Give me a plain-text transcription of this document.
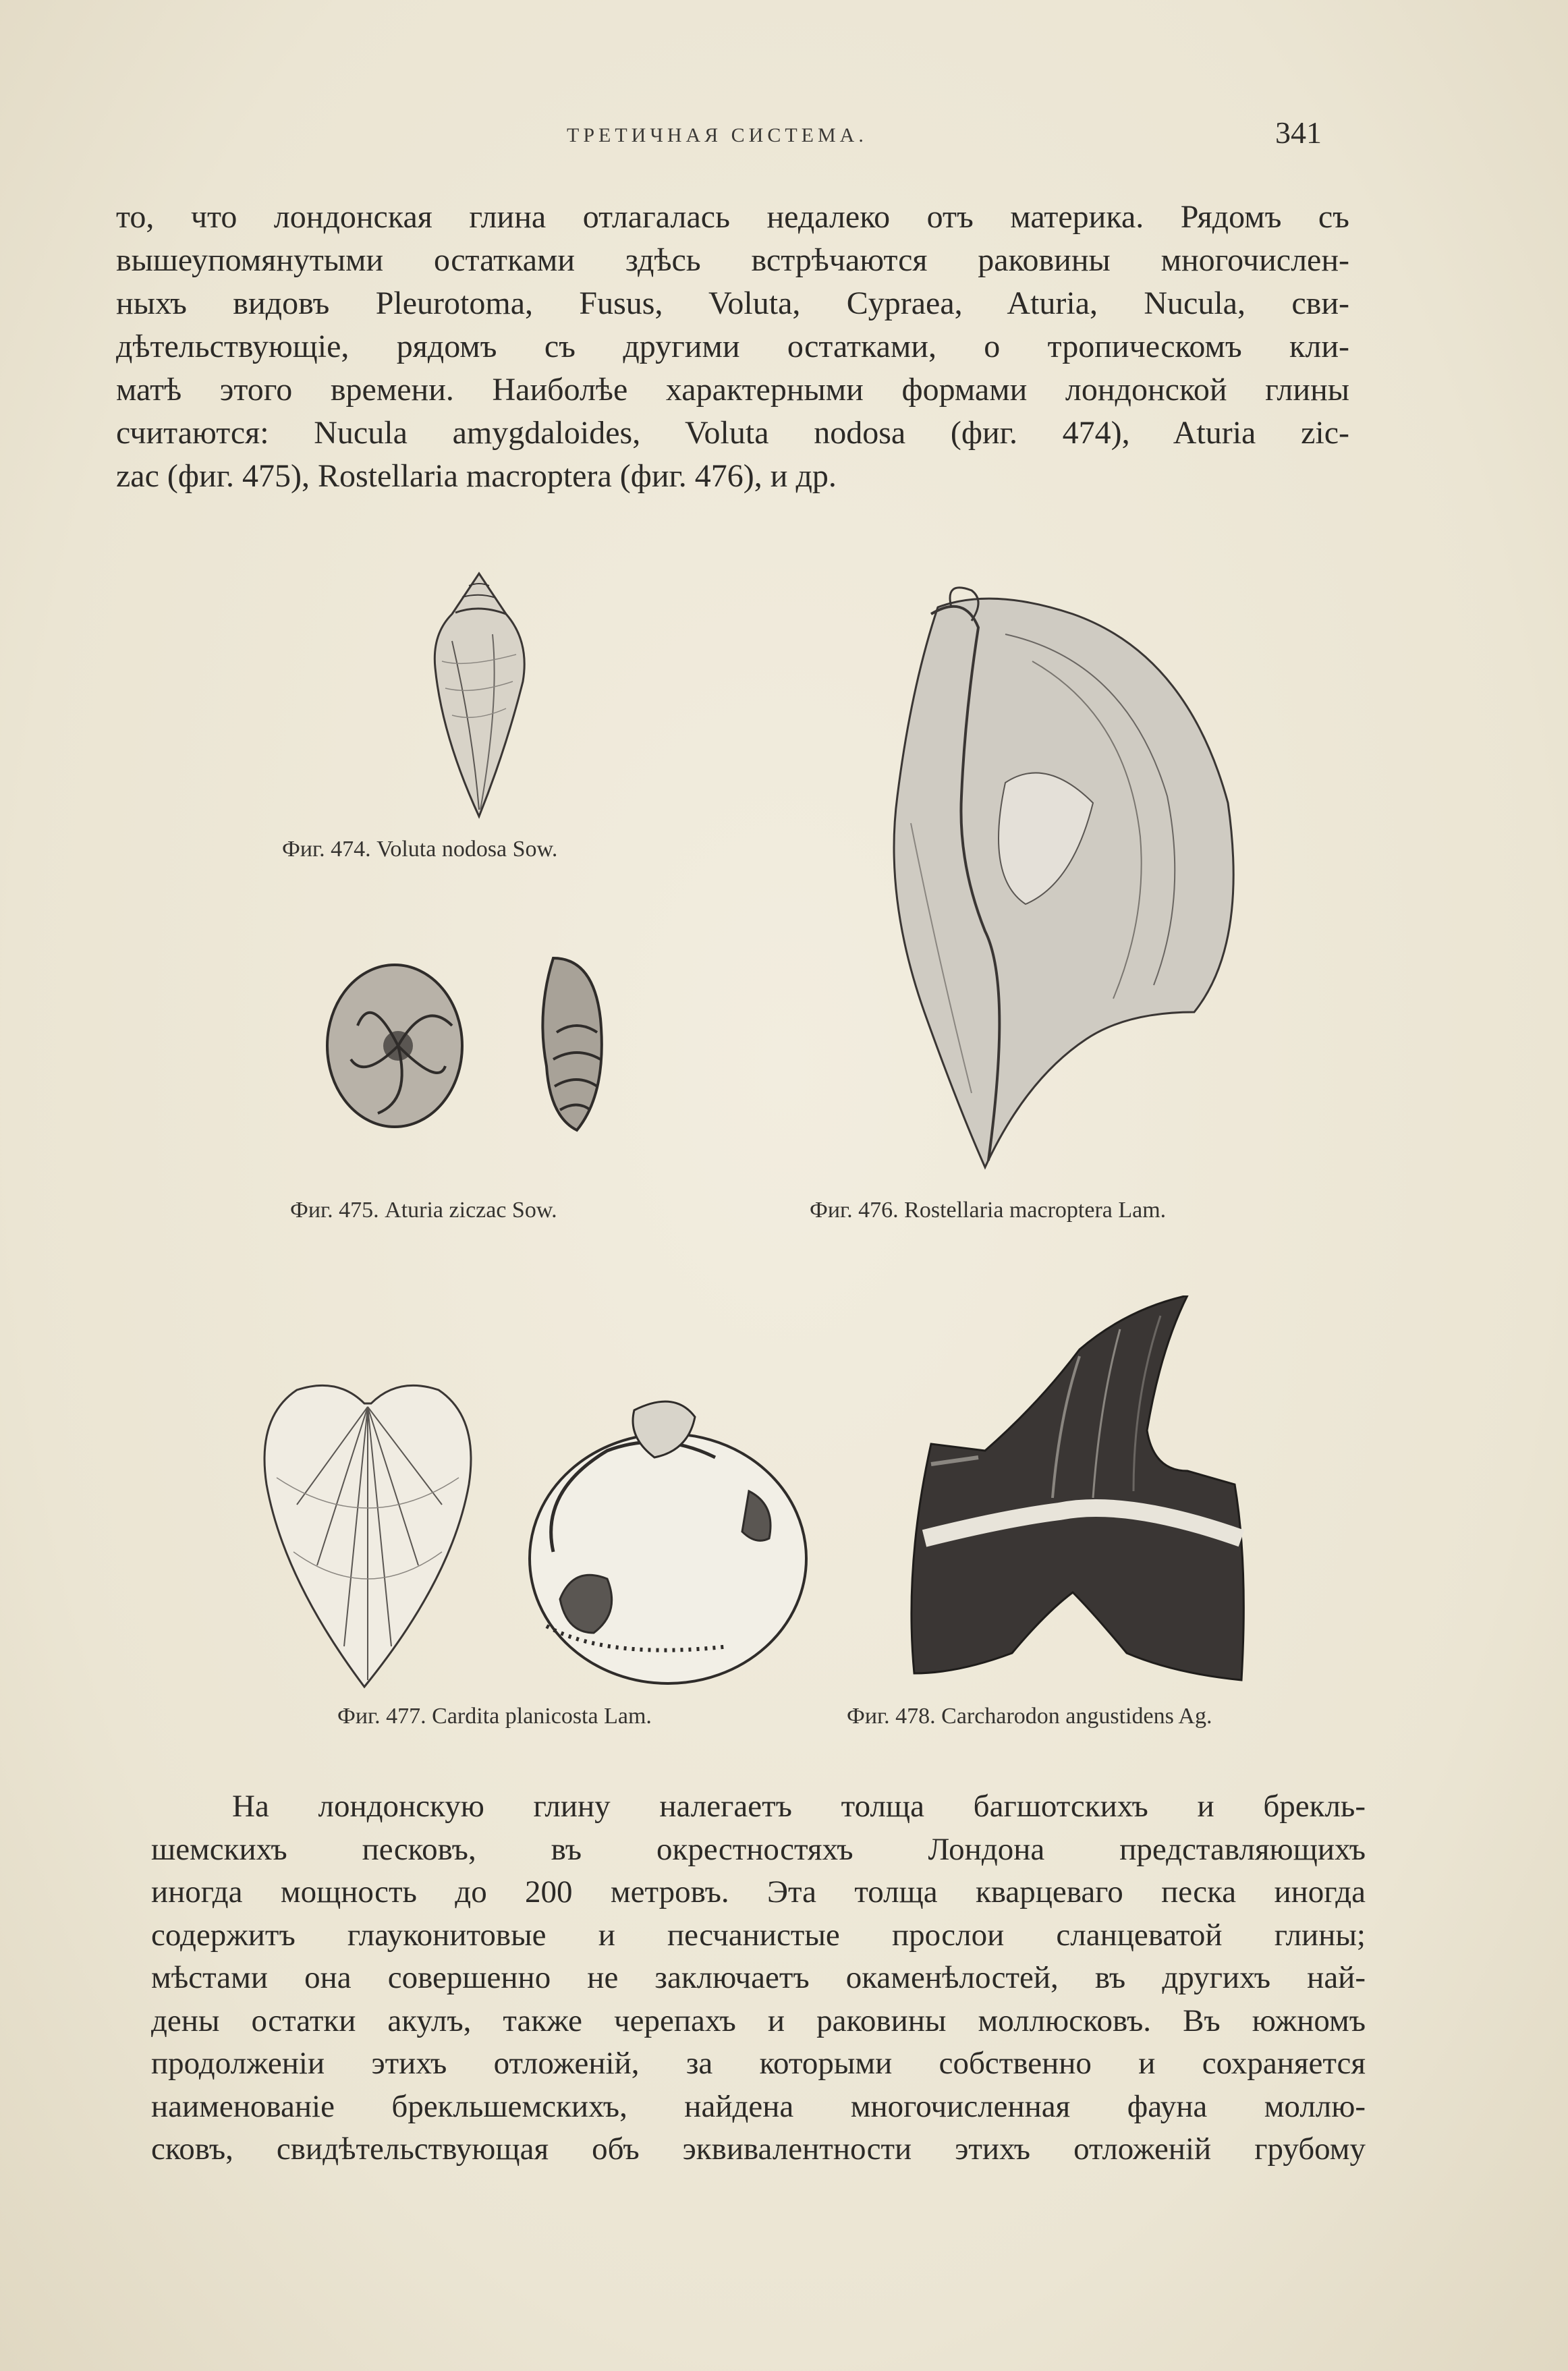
ТРЕТИЧНАЯ СИСТЕМА.	341

то, что лондонская глина отлагалась недалеко отъ материка. Рядомъ съ
вышеупомянутыми остатками здѣсь встрѣчаются раковины многочислен-
ныхъ видовъ Pleurotoma, Fusus, Voluta, Cypraea, Aturia, Nucula, сви-
дѣтельствующіе, рядомъ съ другими остатками, о тропическомъ кли-
матѣ этого времени. Наиболѣе характерными формами лондонской глины
считаются: Nucula amygdaloides, Voluta nodosa (фиг. 474), Aturia zic-
zac (фиг. 475), Rostellaria macroptera (фиг. 476), и др.

Фиг. 474. Voluta nodosa Sow.
Фиг. 475. Aturia ziczac Sow.	Фиг. 476. Rostellaria macroptera Lam.
Фиг. 477. Cardita planicosta Lam.	Фиг. 478. Carcharodon angustidens Ag.

На лондонскую глину налегаетъ толща багшотскихъ и брекль-
шемскихъ песковъ, въ окрестностяхъ Лондона представляющихъ
иногда мощность до 200 метровъ. Эта толща кварцеваго песка иногда
содержитъ глауконитовые и песчанистые прослои сланцеватой глины;
мѣстами она совершенно не заключаетъ окаменѣлостей, въ другихъ най-
дены остатки акулъ, также черепахъ и раковины моллюсковъ. Въ южномъ
продолженіи этихъ отложеній, за которыми собственно и сохраняется
наименованіе брекльшемскихъ, найдена многочисленная фауна моллю-
сковъ, свидѣтельствующая объ эквивалентности этихъ отложеній грубому
